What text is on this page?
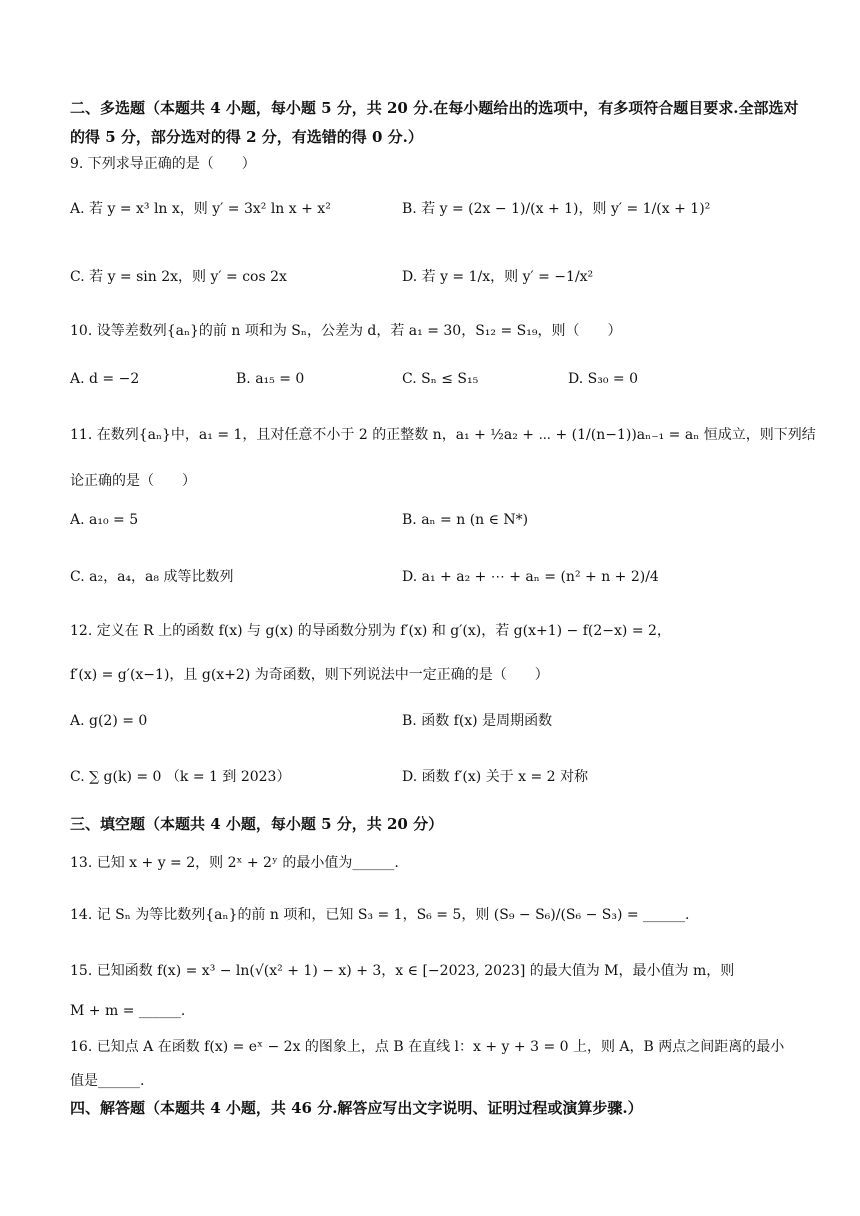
二、多选题（本题共 4 小题，每小题 5 分，共 20 分.在每小题给出的选项中，有多项符合题目要求.全部选对的得 5 分，部分选对的得 2 分，有选错的得 0 分.）
9. 下列求导正确的是（　　）
A. 若 y = x³ ln x，则 y′ = 3x² ln x + x²	B. 若 y = (2x − 1)/(x + 1)，则 y′ = 1/(x + 1)²
C. 若 y = sin 2x，则 y′ = cos 2x	D. 若 y = 1/x，则 y′ = −1/x²
10. 设等差数列{aₙ}的前 n 项和为 Sₙ，公差为 d，若 a₁ = 30，S₁₂ = S₁₉，则（　　）
A. d = −2	B. a₁₅ = 0	C. Sₙ ≤ S₁₅	D. S₃₀ = 0
11. 在数列{aₙ}中，a₁ = 1，且对任意不小于 2 的正整数 n，a₁ + ½a₂ + ⋯ + (1/(n−1))aₙ₋₁ = aₙ 恒成立，则下列结
论正确的是（　　）
A. a₁₀ = 5	B. aₙ = n (n ∈ N*)
C. a₂，a₄，a₈ 成等比数列	D. a₁ + a₂ + ⋯ + aₙ = (n² + n + 2)/4
12. 定义在 R 上的函数 f(x) 与 g(x) 的导函数分别为 f′(x) 和 g′(x)，若 g(x+1) − f(2−x) = 2，
f′(x) = g′(x−1)，且 g(x+2) 为奇函数，则下列说法中一定正确的是（　　）
A. g(2) = 0	B. 函数 f(x) 是周期函数
C. ∑ g(k) = 0 （k = 1 到 2023）	D. 函数 f′(x) 关于 x = 2 对称
三、填空题（本题共 4 小题，每小题 5 分，共 20 分）
13. 已知 x + y = 2，则 2ˣ + 2ʸ 的最小值为______.
14. 记 Sₙ 为等比数列{aₙ}的前 n 项和，已知 S₃ = 1，S₆ = 5，则 (S₉ − S₆)/(S₆ − S₃) = ______.
15. 已知函数 f(x) = x³ − ln(√(x² + 1) − x) + 3，x ∈ [−2023, 2023] 的最大值为 M，最小值为 m，则
M + m = ______.
16. 已知点 A 在函数 f(x) = eˣ − 2x 的图象上，点 B 在直线 l：x + y + 3 = 0 上，则 A，B 两点之间距离的最小
值是______.
四、解答题（本题共 4 小题，共 46 分.解答应写出文字说明、证明过程或演算步骤.）
